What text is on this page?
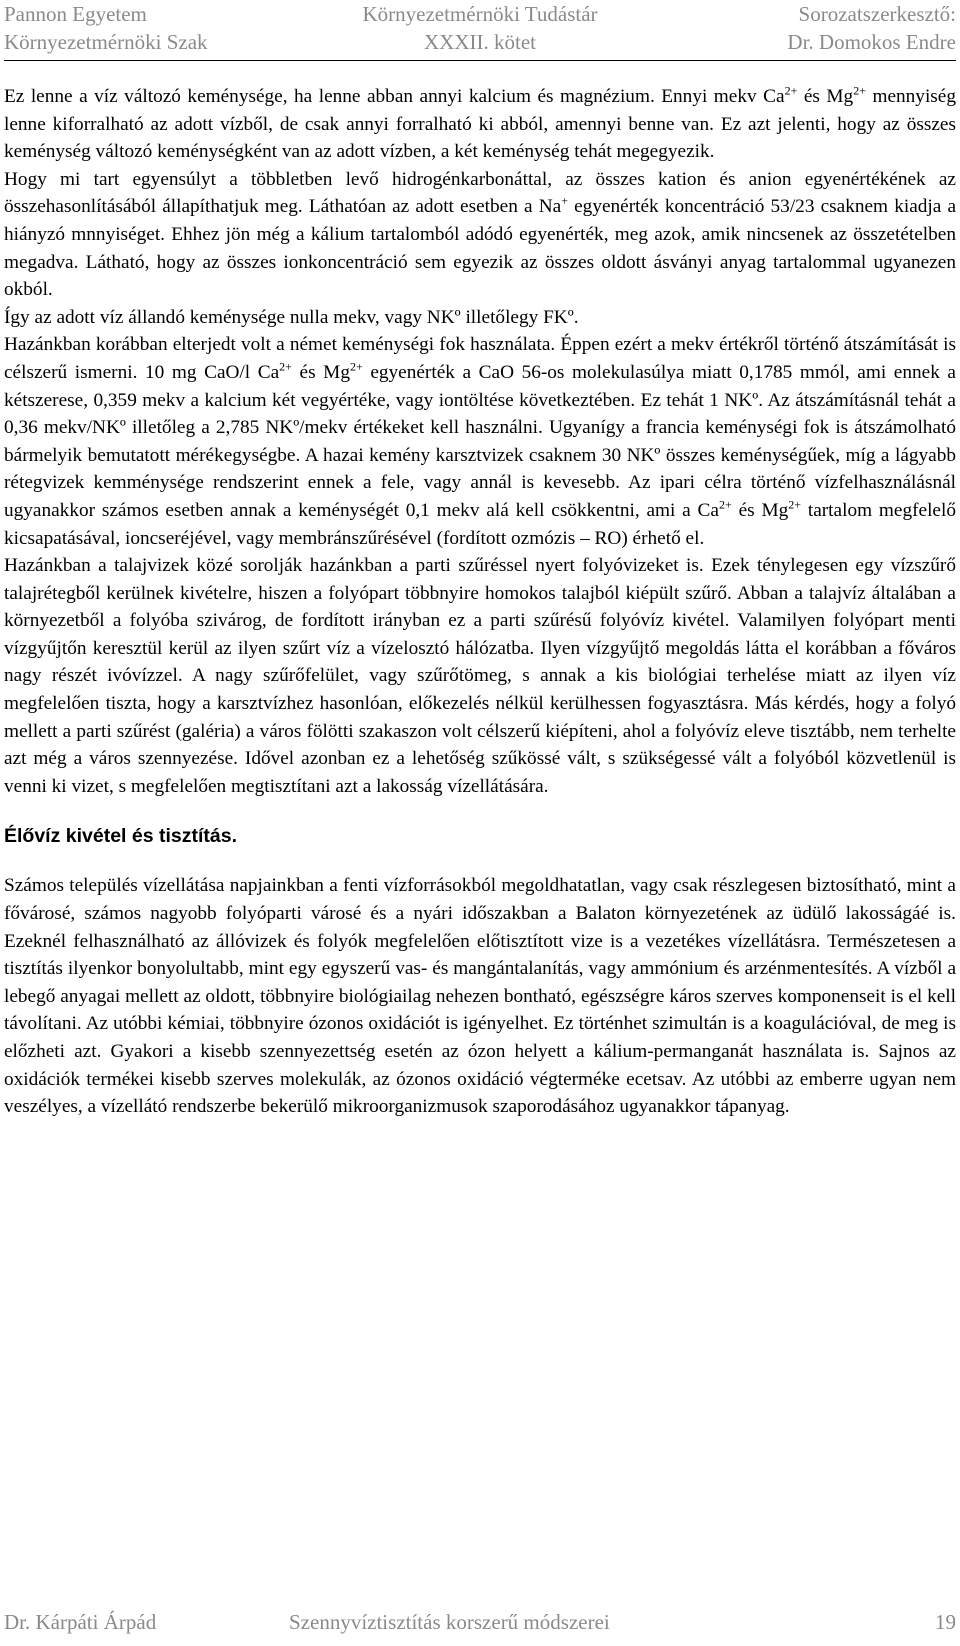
Pannon Egyetem
Környezetmérnöki Szak
Környezetmérnöki Tudástár
XXXII. kötet
Sorozatszerkesztő:
Dr. Domokos Endre

Ez lenne a víz változó keménysége, ha lenne abban annyi kalcium és magnézium. Ennyi mekv $Ca^{2+}$ és $Mg^{2+}$ mennyiség lenne kiforralható az adott vízből, de csak annyi forralható ki abból, amennyi benne van. Ez azt jelenti, hogy az összes keménység változó keménységként van az adott vízben, a két keménység tehát megegyezik.

Hogy mi tart egyensúlyt a többletben levő hidrogénkarbonáttal, az összes kation és anion egyenértékének az összehasonlításából állapíthatjuk meg. Láthatóan az adott esetben a Na+ egyenérték koncentráció 53/23 csaknem kiadja a hiányzó mnnyiséget. Ehhez jön még a kálium tartalomból adódó egyenérték, meg azok, amik nincsenek az összetételben megadva. Látható, hogy az összes ionkoncentráció sem egyezik az összes oldott ásványi anyag tartalommal ugyanezen okból.

Így az adott víz állandó keménysége nulla mekv, vagy NKº illetőlegy FKº.

Hazánkban korábban elterjedt volt a német keménységi fok használata. Éppen ezért a mekv értékről történő átszámítását is célszerű ismerni. 10 mg CaO/l $Ca^{2+}$ és $Mg^{2+}$ egyenérték a CaO 56-os molekulasúlya miatt 0,1785 mmól, ami ennek a kétszerese, 0,359 mekv a kalcium két vegyértéke, vagy iontöltése következtében. Ez tehát 1 NKº. Az átszámításnál tehát a 0,36 mekv/NKº illetőleg a 2,785 NKº/mekv értékeket kell használni. Ugyanígy a francia keménységi fok is átszámolható bármelyik bemutatott mérékegységbe. A hazai kemény karsztvizek csaknem 30 NKº összes keménységűek, míg a lágyabb rétegvizek kemménysége rendszerint ennek a fele, vagy annál is kevesebb. Az ipari célra történő vízfelhasználásnál ugyanakkor számos esetben annak a keménységét 0,1 mekv alá kell csökkentni, ami a $Ca^{2+}$ és $Mg^{2+}$ tartalom megfelelő kicsapatásával, ioncseréjével, vagy membránszűrésével (fordított ozmózis – RO) érhető el.

Hazánkban a talajvizek közé sorolják hazánkban a parti szűréssel nyert folyóvizeket is. Ezek ténylegesen egy vízszűrő talajrétegből kerülnek kivételre, hiszen a folyópart többnyire homokos talajból kiépült szűrő. Abban a talajvíz általában a környezetből a folyóba szivárog, de fordított irányban ez a parti szűrésű folyóvíz kivétel. Valamilyen folyópart menti vízgyűjtőn keresztül kerül az ilyen szűrt víz a vízelosztó hálózatba. Ilyen vízgyűjtő megoldás látta el korábban a főváros nagy részét ivóvízzel. A nagy szűrőfelület, vagy szűrőtömeg, s annak a kis biológiai terhelése miatt az ilyen víz megfelelően tiszta, hogy a karsztvízhez hasonlóan, előkezelés nélkül kerülhessen fogyasztásra. Más kérdés, hogy a folyó mellett a parti szűrést (galéria) a város fölötti szakaszon volt célszerű kiépíteni, ahol a folyóvíz eleve tisztább, nem terhelte azt még a város szennyezése. Idővel azonban ez a lehetőség szűkössé vált, s szükségessé vált a folyóból közvetlenül is venni ki vizet, s megfelelően megtisztítani azt a lakosság vízellátására.

Élővíz kivétel és tisztítás.

Számos település vízellátása napjainkban a fenti vízforrásokból megoldhatatlan, vagy csak részlegesen biztosítható, mint a fővárosé, számos nagyobb folyóparti városé és a nyári időszakban a Balaton környezetének az üdülő lakosságáé is. Ezeknél felhasználható az állóvizek és folyók megfelelően előtisztított vize is a vezetékes vízellátásra. Természetesen a tisztítás ilyenkor bonyolultabb, mint egy egyszerű vas- és mangántalanítás, vagy ammónium és arzénmentesítés. A vízből a lebegő anyagai mellett az oldott, többnyire biológiailag nehezen bontható, egészségre káros szerves komponenseit is el kell távolítani. Az utóbbi kémiai, többnyire ózonos oxidációt is igényelhet. Ez történhet szimultán is a koagulációval, de meg is előzheti azt. Gyakori a kisebb szennyezettség esetén az ózon helyett a kálium-permanganát használata is. Sajnos az oxidációk termékei kisebb szerves molekulák, az ózonos oxidáció végterméke ecetsav. Az utóbbi az emberre ugyan nem veszélyes, a vízellátó rendszerbe bekerülő mikroorganizmusok szaporodásához ugyanakkor tápanyag.

Dr. Kárpáti Árpád	Szennyvíztisztítás korszerű módszerei	19
